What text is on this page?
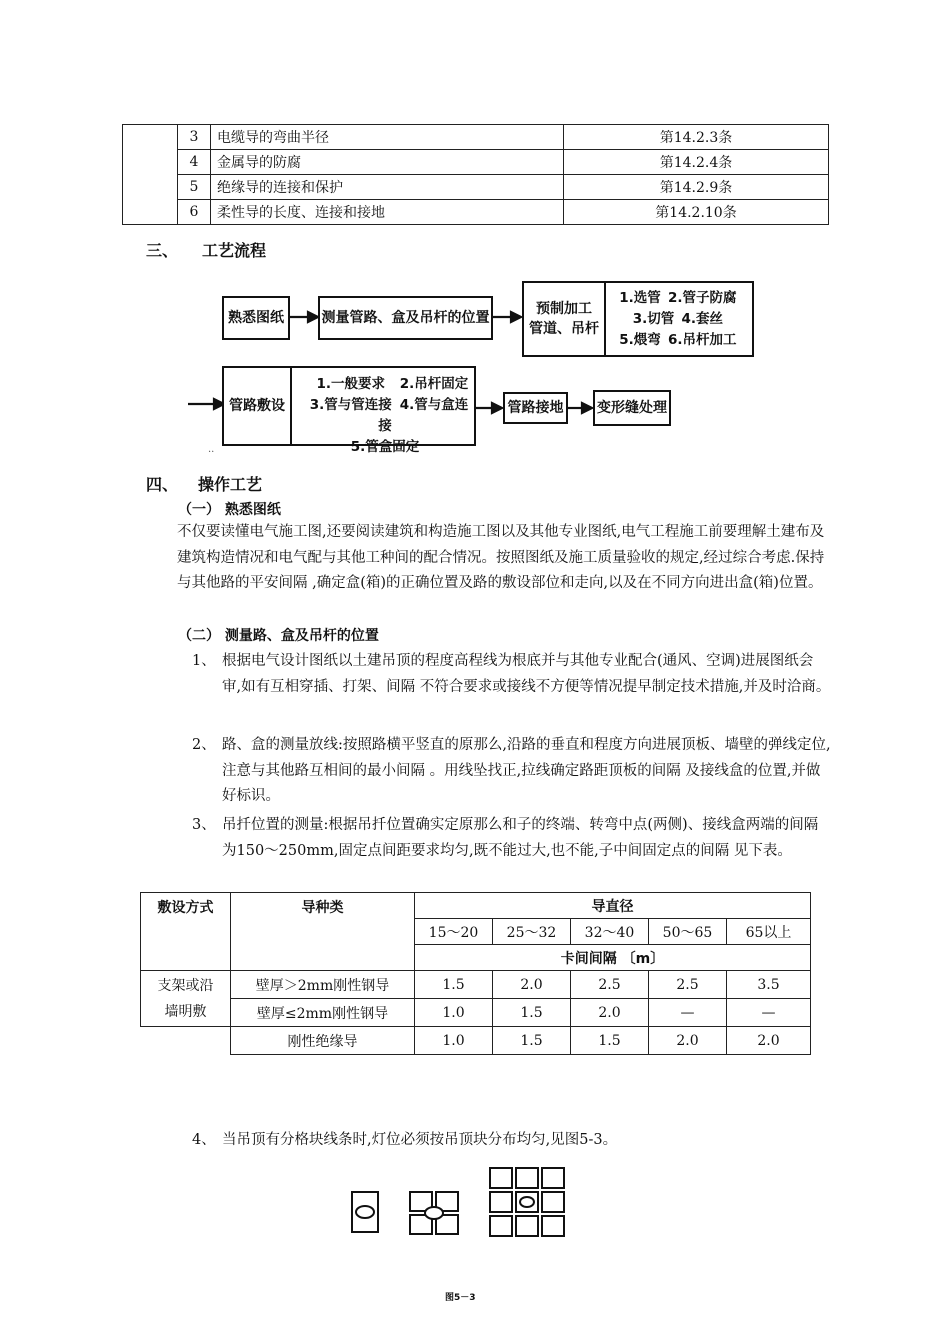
	3	电缆导的弯曲半径	第14.2.3条
	4	金属导的防腐	第14.2.4条
	5	绝缘导的连接和保护	第14.2.9条
	6	柔性导的长度、连接和接地	第14.2.10条
三、 工艺流程
..
熟悉图纸	测量管路、盒及吊杆的位置
预制加工
管道、吊杆
1.选管 2.管子防腐
3.切管 4.套丝
5.煨弯 6.吊杆加工
管路敷设
1.一般要求 2.吊杆固定
3.管与管连接 4.管与盒连接
5.管盒固定
管路接地 变形缝处理
四、 操作工艺
（一） 熟悉图纸
不仅要读懂电气施工图,还要阅读建筑和构造施工图以及其他专业图纸,电气工程施工前要理解土建布及建筑构造情况和电气配与其他工种间的配合情况。按照图纸及施工质量验收的规定,经过综合考虑.保持与其他路的平安间隔 ,确定盒(箱)的正确位置及路的敷设部位和走向,以及在不同方向进出盒(箱)位置。
（二） 测量路、盒及吊杆的位置
1、 根据电气设计图纸以土建吊顶的程度高程线为根底并与其他专业配合(通风、空调)进展图纸会审,如有互相穿插、打架、间隔 不符合要求或接线不方便等情况提早制定技术措施,并及时洽商。
2、 路、盒的测量放线:按照路横平竖直的原那么,沿路的垂直和程度方向进展顶板、墙壁的弹线定位,注意与其他路互相间的最小间隔 。用线坠找正,拉线确定路距顶板的间隔 及接线盒的位置,并做好标识。
3、 吊扦位置的测量:根据吊扦位置确实定原那么和子的终端、转弯中点(两侧)、接线盒两端的间隔 为150～250mm,固定点间距要求均匀,既不能过大,也不能,子中间固定点的间隔 见下表。
敷设方式	导种类	导直径				
		15～20	25～32	32～40	50～65	65以上
		卡间间隔 〔m〕				

支架或沿
墙明敷	壁厚＞2mm刚性钢导	1.5	2.0	2.5	2.5	3.5
	壁厚≤2mm刚性钢导	1.0	1.5	2.0	—	—
	刚性绝缘导	1.0	1.5	1.5	2.0	2.0
4、 当吊顶有分格块线条时,灯位必须按吊顶块分布均匀,见图5-3。
图5－3
